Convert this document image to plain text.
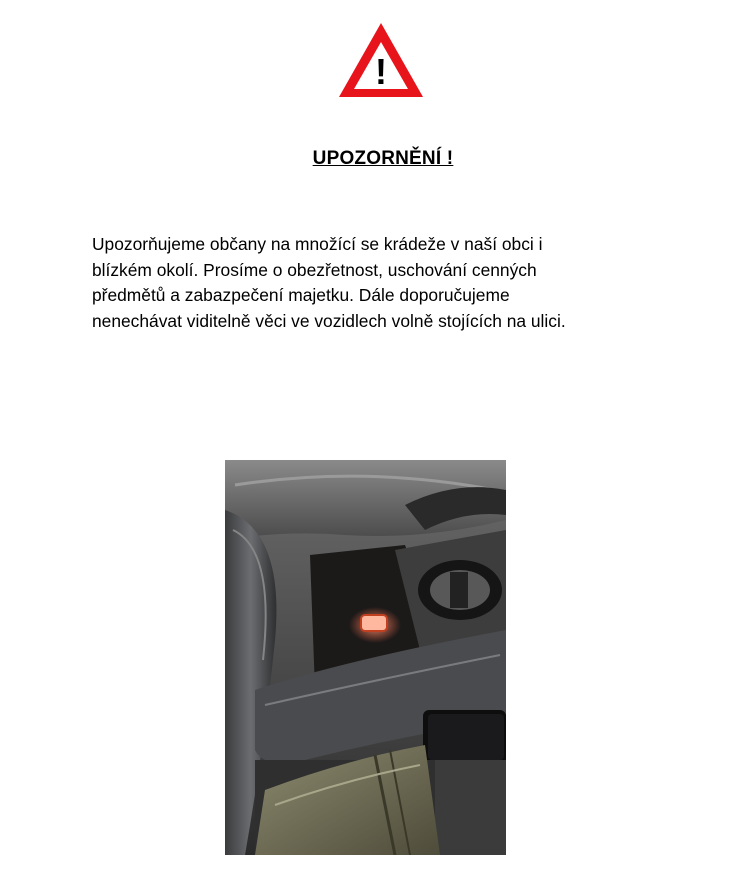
!
UPOZORNĚNÍ !
Upozorňujeme občany na množící se krádeže v naší obci i
blízkém okolí. Prosíme o obezřetnost, uschování cenných
předmětů a zabazpečení majetku. Dále doporučujeme
nenechávat viditelně věci ve vozidlech volně stojících na ulici.
